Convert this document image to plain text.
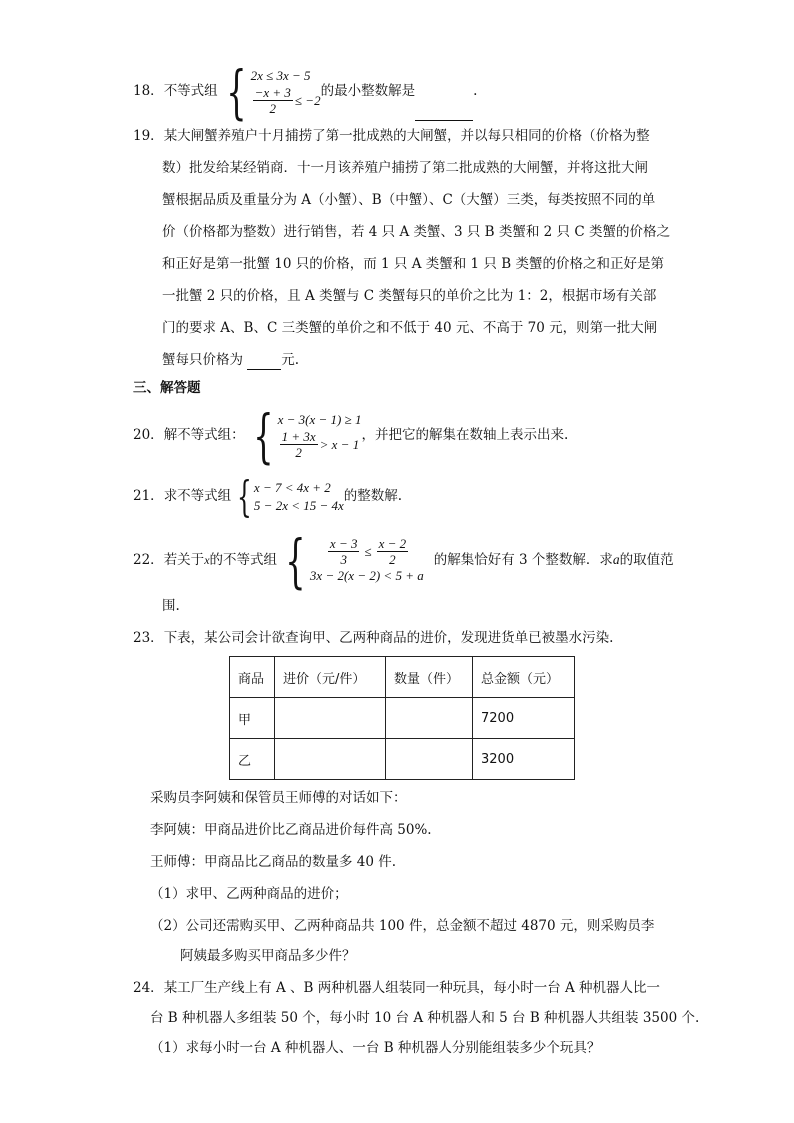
18．不等式组 { 2x ≤ 3x − 5
$\frac{-x + 3}{2} \le -2$
的最小整数解是	.
19．某大闸蟹养殖户十月捕捞了第一批成熟的大闸蟹，并以每只相同的价格（价格为整
数）批发给某经销商．十一月该养殖户捕捞了第二批成熟的大闸蟹，并将这批大闸
蟹根据品质及重量分为 A（小蟹）、B（中蟹）、C（大蟹）三类，每类按照不同的单
价（价格都为整数）进行销售，若 4 只 A 类蟹、3 只 B 类蟹和 2 只 C 类蟹的价格之
和正好是第一批蟹 10 只的价格，而 1 只 A 类蟹和 1 只 B 类蟹的价格之和正好是第
一批蟹 2 只的价格，且 A 类蟹与 C 类蟹每只的单价之比为 1：2，根据市场有关部
门的要求 A、B、C 三类蟹的单价之和不低于 40 元、不高于 70 元，则第一批大闸
蟹每只价格为	元.
三、解答题
20．解不等式组： { x − 3(x − 1) ≥ 1
$\frac{1 + 3x}{2} > x - 1$
，并把它的解集在数轴上表示出来.
21．求不等式组 { x − 7 < 4x + 2
5 − 2x < 15 − 4x
的整数解.
22．若关于x的不等式组 { $\frac{x - 3}{3} \le \frac{x - 2}{2}$
3x − 2(x − 2) < 5 + a
的解集恰好有 3 个整数解．求a的取值范
围.
23．下表，某公司会计欲查询甲、乙两种商品的进价，发现进货单已被墨水污染.
商品	进价（元/件）	数量（件）	总金额（元）
甲			7200
乙			3200
采购员李阿姨和保管员王师傅的对话如下：
李阿姨：甲商品进价比乙商品进价每件高 50%.
王师傅：甲商品比乙商品的数量多 40 件.
（1）求甲、乙两种商品的进价；
（2）公司还需购买甲、乙两种商品共 100 件，总金额不超过 4870 元，则采购员李
阿姨最多购买甲商品多少件？
24．某工厂生产线上有 A 、B 两种机器人组装同一种玩具，每小时一台 A 种机器人比一
台 B 种机器人多组装 50 个，每小时 10 台 A 种机器人和 5 台 B 种机器人共组装 3500 个.
（1）求每小时一台 A 种机器人、一台 B 种机器人分别能组装多少个玩具？
